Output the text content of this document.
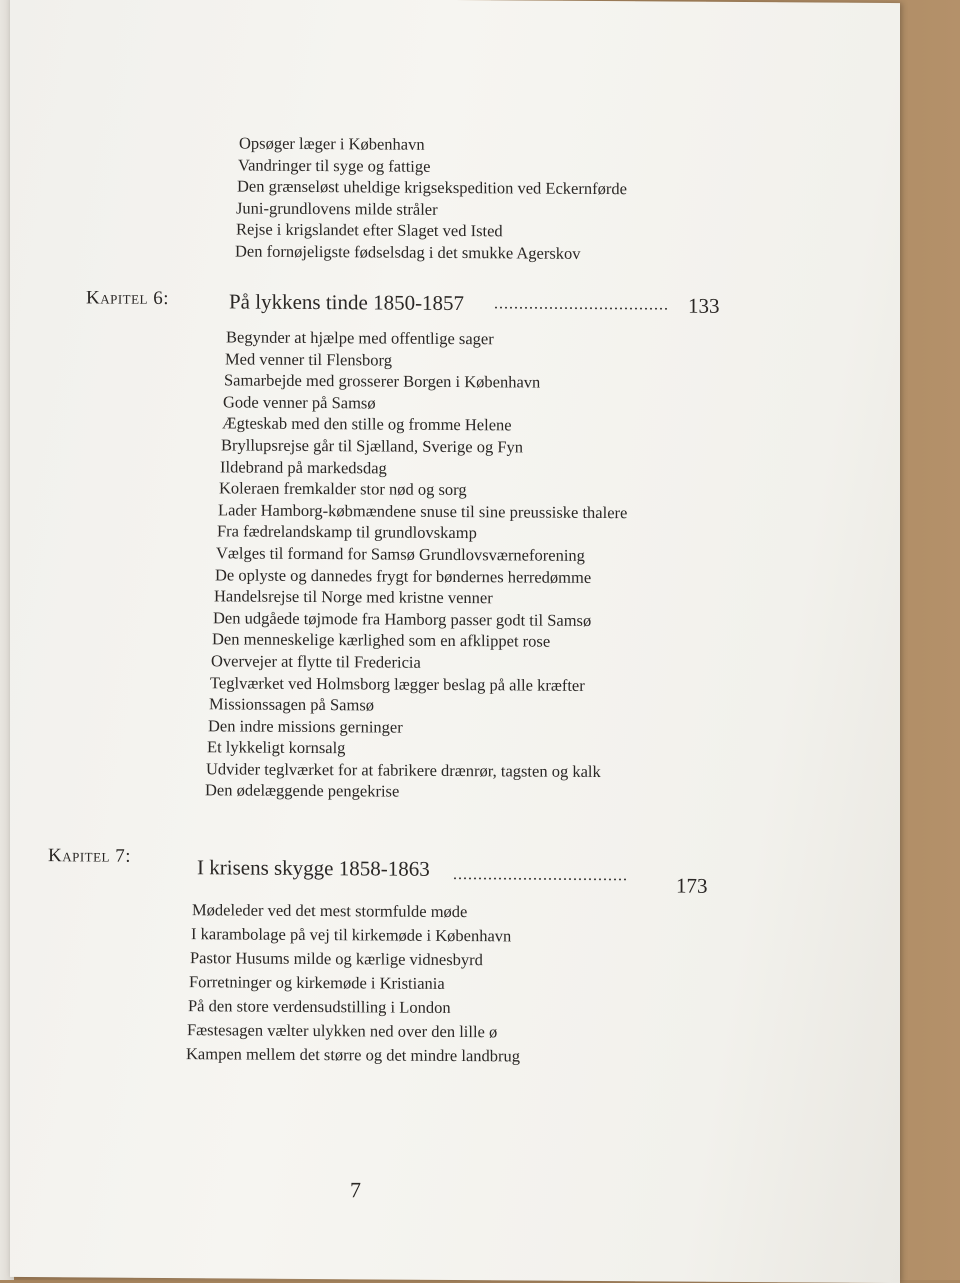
Opsøger læger i København
Vandringer til syge og fattige
Den grænseløst uheldige krigsekspedition ved Eckernførde
Juni-grundlovens milde stråler
Rejse i krigslandet efter Slaget ved Isted
Den fornøjeligste fødselsdag i det smukke Agerskov
Kapitel 6:	På lykkens tinde 1850-1857 ................................... 133
Begynder at hjælpe med offentlige sager
Med venner til Flensborg
Samarbejde med grosserer Borgen i København
Gode venner på Samsø
Ægteskab med den stille og fromme Helene
Bryllupsrejse går til Sjælland, Sverige og Fyn
Ildebrand på markedsdag
Koleraen fremkalder stor nød og sorg
Lader Hamborg-købmændene snuse til sine preussiske thalere
Fra fædrelandskamp til grundlovskamp
Vælges til formand for Samsø Grundlovsværneforening
De oplyste og dannedes frygt for bøndernes herredømme
Handelsrejse til Norge med kristne venner
Den udgåede tøjmode fra Hamborg passer godt til Samsø
Den menneskelige kærlighed som en afklippet rose
Overvejer at flytte til Fredericia
Teglværket ved Holmsborg lægger beslag på alle kræfter
Missionssagen på Samsø
Den indre missions gerninger
Et lykkeligt kornsalg
Udvider teglværket for at fabrikere drænrør, tagsten og kalk
Den ødelæggende pengekrise
Kapitel 7:	I krisens skygge 1858-1863 ...................................	173
Mødeleder ved det mest stormfulde møde
I karambolage på vej til kirkemøde i København
Pastor Husums milde og kærlige vidnesbyrd
Forretninger og kirkemøde i Kristiania
På den store verdensudstilling i London
Fæstesagen vælter ulykken ned over den lille ø
Kampen mellem det større og det mindre landbrug
7
